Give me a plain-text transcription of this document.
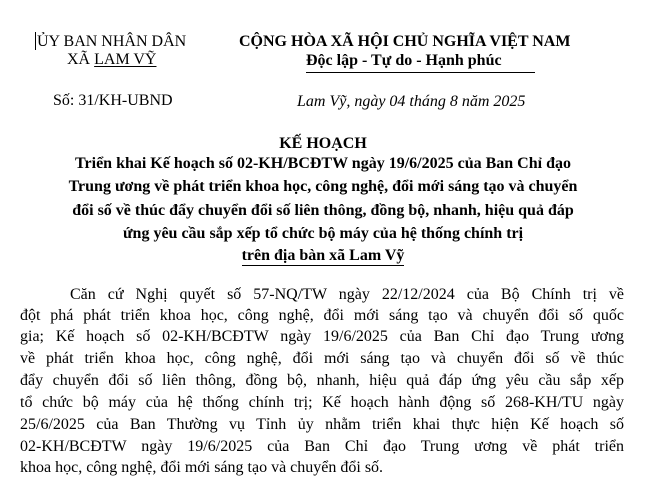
ỦY BAN NHÂN DÂN
XÃ LAM VỸ
Số: 31/KH-UBND
CỘNG HÒA XÃ HỘI CHỦ NGHĨA VIỆT NAM
Độc lập - Tự do - Hạnh phúc
Lam Vỹ, ngày 04 tháng 8 năm 2025
KẾ HOẠCH
Triển khai Kế hoạch số 02-KH/BCĐTW ngày 19/6/2025 của Ban Chỉ đạo
Trung ương về phát triển khoa học, công nghệ, đổi mới sáng tạo và chuyển
đổi số về thúc đẩy chuyển đổi số liên thông, đồng bộ, nhanh, hiệu quả đáp
ứng yêu cầu sắp xếp tổ chức bộ máy của hệ thống chính trị
trên địa bàn xã Lam Vỹ
Căn cứ Nghị quyết số 57-NQ/TW ngày 22/12/2024 của Bộ Chính trị về
đột phá phát triển khoa học, công nghệ, đổi mới sáng tạo và chuyển đổi số quốc
gia; Kế hoạch số 02-KH/BCĐTW ngày 19/6/2025 của Ban Chỉ đạo Trung ương
về phát triển khoa học, công nghệ, đổi mới sáng tạo và chuyển đổi số về thúc
đẩy chuyển đổi số liên thông, đồng bộ, nhanh, hiệu quả đáp ứng yêu cầu sắp xếp
tổ chức bộ máy của hệ thống chính trị; Kế hoạch hành động số 268-KH/TU ngày
25/6/2025 của Ban Thường vụ Tỉnh ủy nhằm triển khai thực hiện Kế hoạch số
02-KH/BCĐTW ngày 19/6/2025 của Ban Chỉ đạo Trung ương về phát triển
khoa học, công nghệ, đổi mới sáng tạo và chuyển đổi số.
